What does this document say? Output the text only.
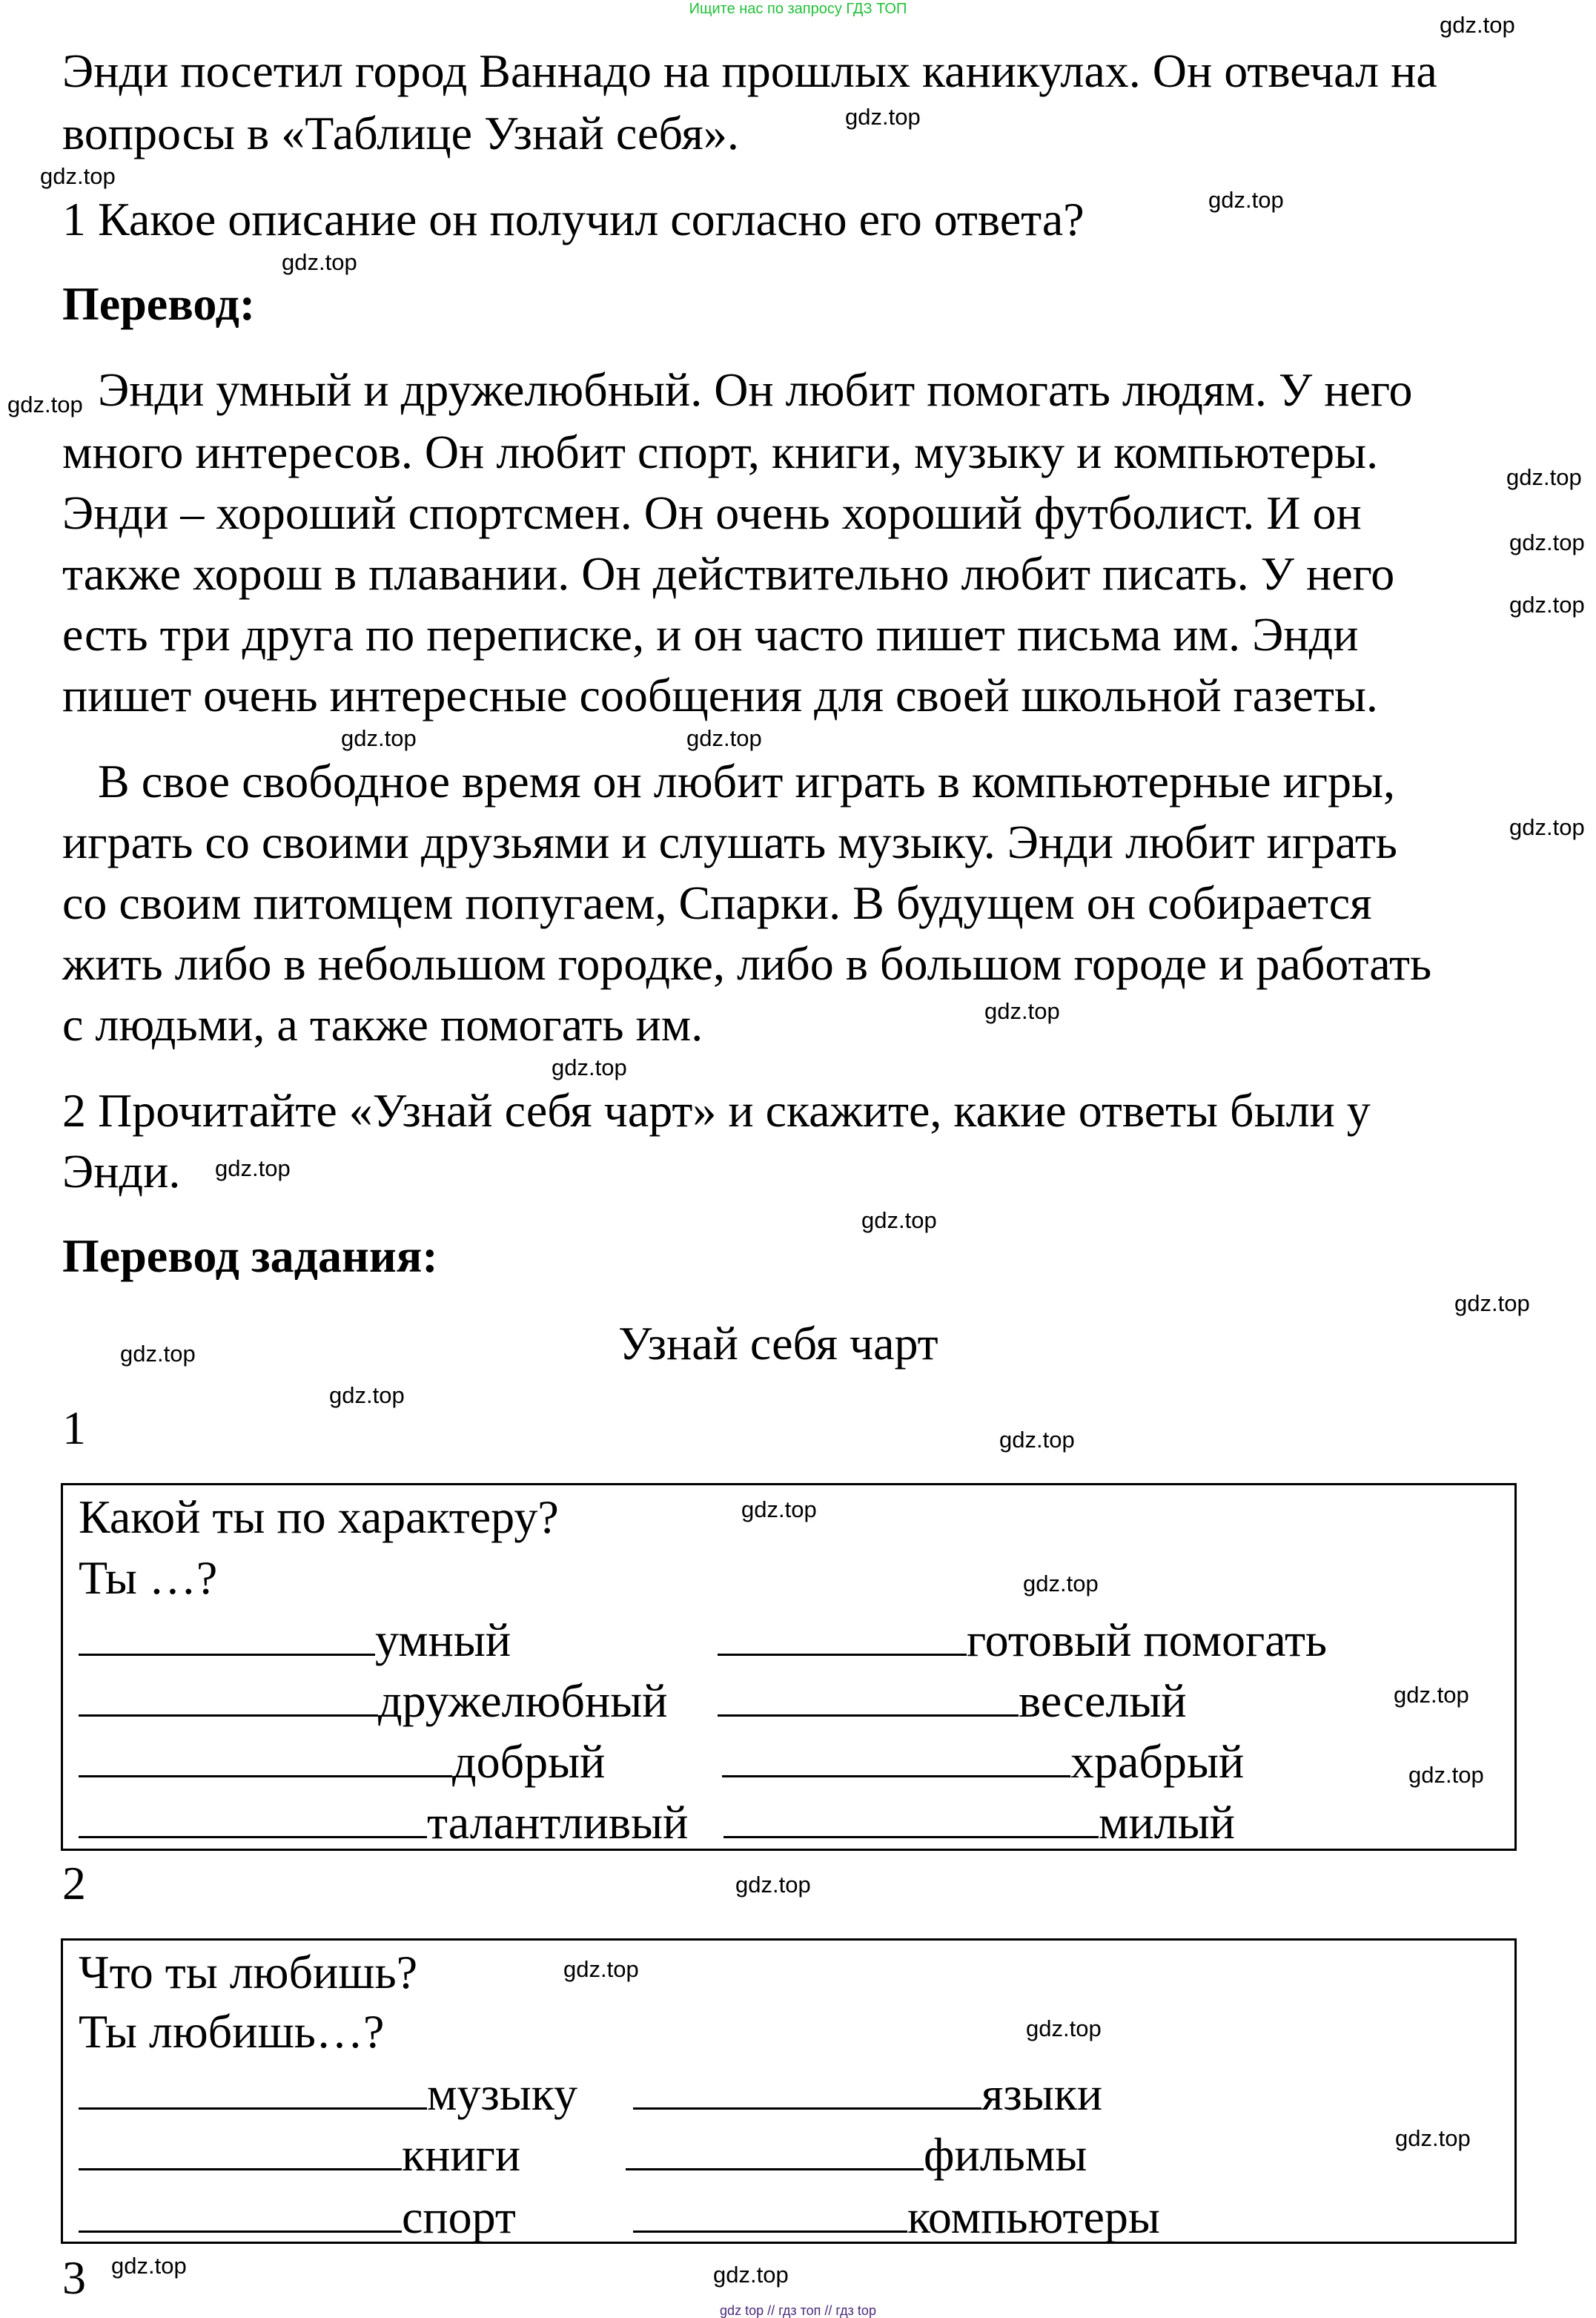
Ищите нас по запросу ГДЗ ТОП
Энди посетил город Ваннадо на прошлых каникулах. Он отвечал на
вопросы в «Таблице Узнай себя».
1 Какое описание он получил согласно его ответа?
Перевод:
Энди умный и дружелюбный. Он любит помогать людям. У него
много интересов. Он любит спорт, книги, музыку и компьютеры.
Энди – хороший спортсмен. Он очень хороший футболист. И он
также хорош в плавании. Он действительно любит писать. У него
есть три друга по переписке, и он часто пишет письма им. Энди
пишет очень интересные сообщения для своей школьной газеты.
В свое свободное время он любит играть в компьютерные игры,
играть со своими друзьями и слушать музыку. Энди любит играть
со своим питомцем попугаем, Спарки. В будущем он собирается
жить либо в небольшом городке, либо в большом городе и работать
с людьми, а также помогать им.
2 Прочитайте «Узнай себя чарт» и скажите, какие ответы были у
Энди.
Перевод задания:
Узнай себя чарт
1
Какой ты по характеру?
Ты …?
умный	готовый помогать
дружелюбный	веселый
добрый	храбрый
талантливый	милый
2
Что ты любишь?
Ты любишь…?
музыку	языки
книги	фильмы
спорт	компьютеры
3
gdz.top
gdz.top
gdz.top
gdz.top
gdz.top
gdz.top
gdz.top
gdz.top
gdz.top
gdz.top	gdz.top
gdz.top
gdz.top
gdz.top
gdz.top
gdz.top
gdz.top
gdz.top
gdz.top
gdz.top
gdz.top
gdz.top
gdz.top
gdz.top
gdz.top
gdz.top
gdz.top
gdz.top
gdz.top	gdz.top
gdz top // гдз топ // гдз top
